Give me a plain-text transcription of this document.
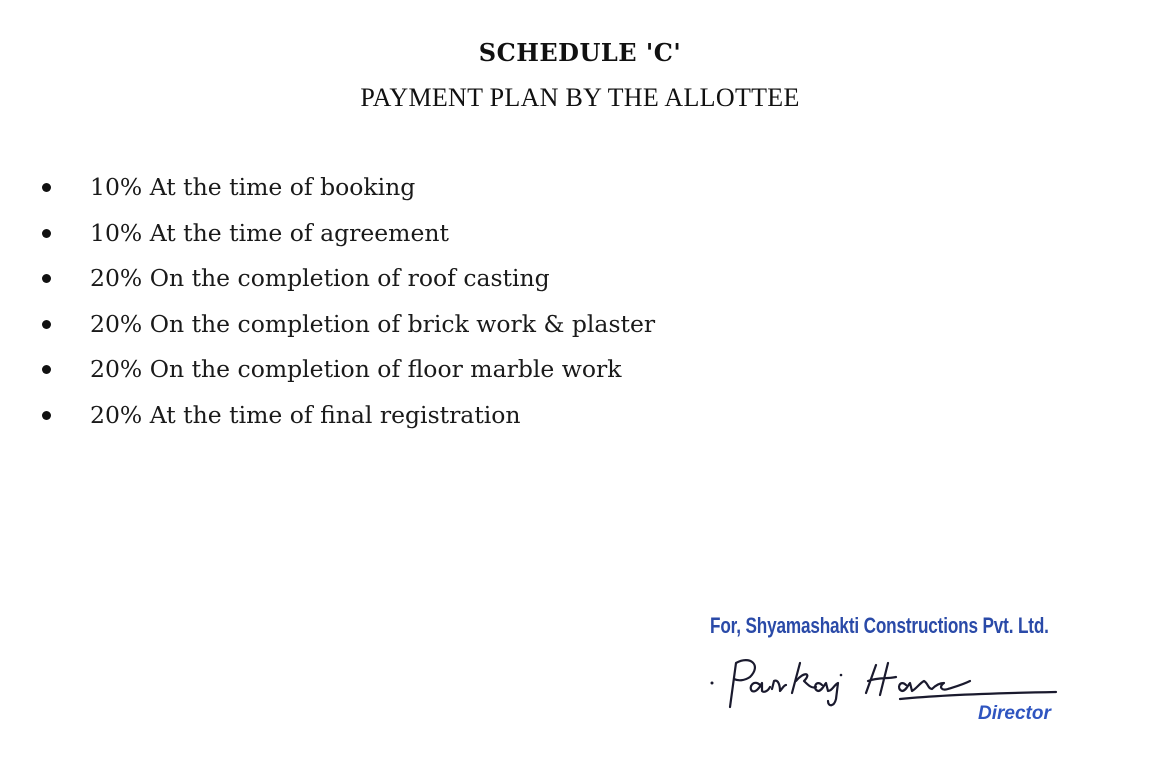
SCHEDULE 'C'
PAYMENT PLAN BY THE ALLOTTEE
10% At the time of booking
10% At the time of agreement
20% On the completion of roof casting
20% On the completion of brick work & plaster
20% On the completion of floor marble work
20% At the time of final registration
For, Shyamashakti Constructions Pvt. Ltd.
Director
